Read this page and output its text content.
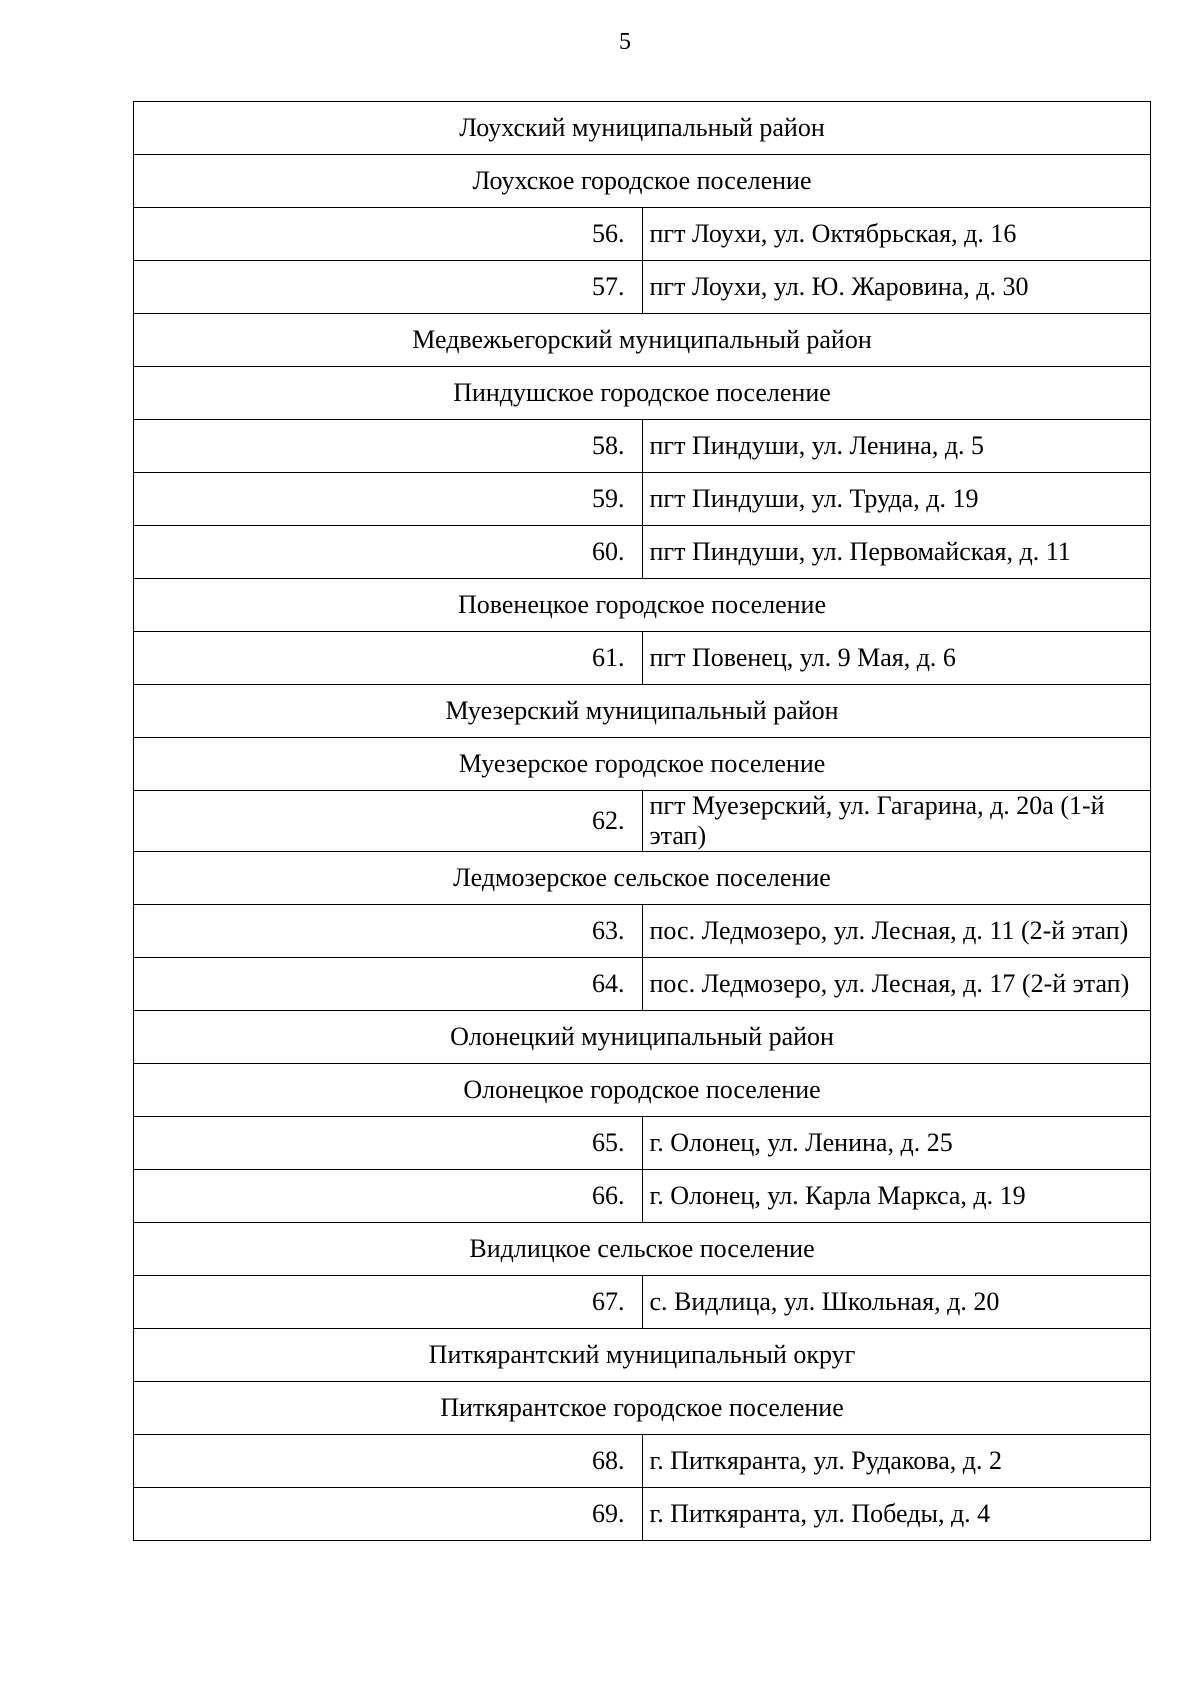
5
Лоухский муниципальный район	
Лоухское городское поселение	
56.	пгт Лоухи, ул. Октябрьская, д. 16
57.	пгт Лоухи, ул. Ю. Жаровина, д. 30
Медвежьегорский муниципальный район	
Пиндушское городское поселение	
58.	пгт Пиндуши, ул. Ленина, д. 5
59.	пгт Пиндуши, ул. Труда, д. 19
60.	пгт Пиндуши, ул. Первомайская, д. 11
Повенецкое городское поселение	
61.	пгт Повенец, ул. 9 Мая, д. 6
Муезерский муниципальный район	
Муезерское городское поселение	
62.	пгт Муезерский, ул. Гагарина, д. 20а (1-й этап)
Ледмозерское сельское поселение	
63.	пос. Ледмозеро, ул. Лесная, д. 11 (2-й этап)
64.	пос. Ледмозеро, ул. Лесная, д. 17 (2-й этап)
Олонецкий муниципальный район	
Олонецкое городское поселение	
65.	г. Олонец, ул. Ленина, д. 25
66.	г. Олонец, ул. Карла Маркса, д. 19
Видлицкое сельское поселение	
67.	с. Видлица, ул. Школьная, д. 20
Питкярантский муниципальный округ	
Питкярантское городское поселение	
68.	г. Питкяранта, ул. Рудакова, д. 2
69.	г. Питкяранта, ул. Победы, д. 4
